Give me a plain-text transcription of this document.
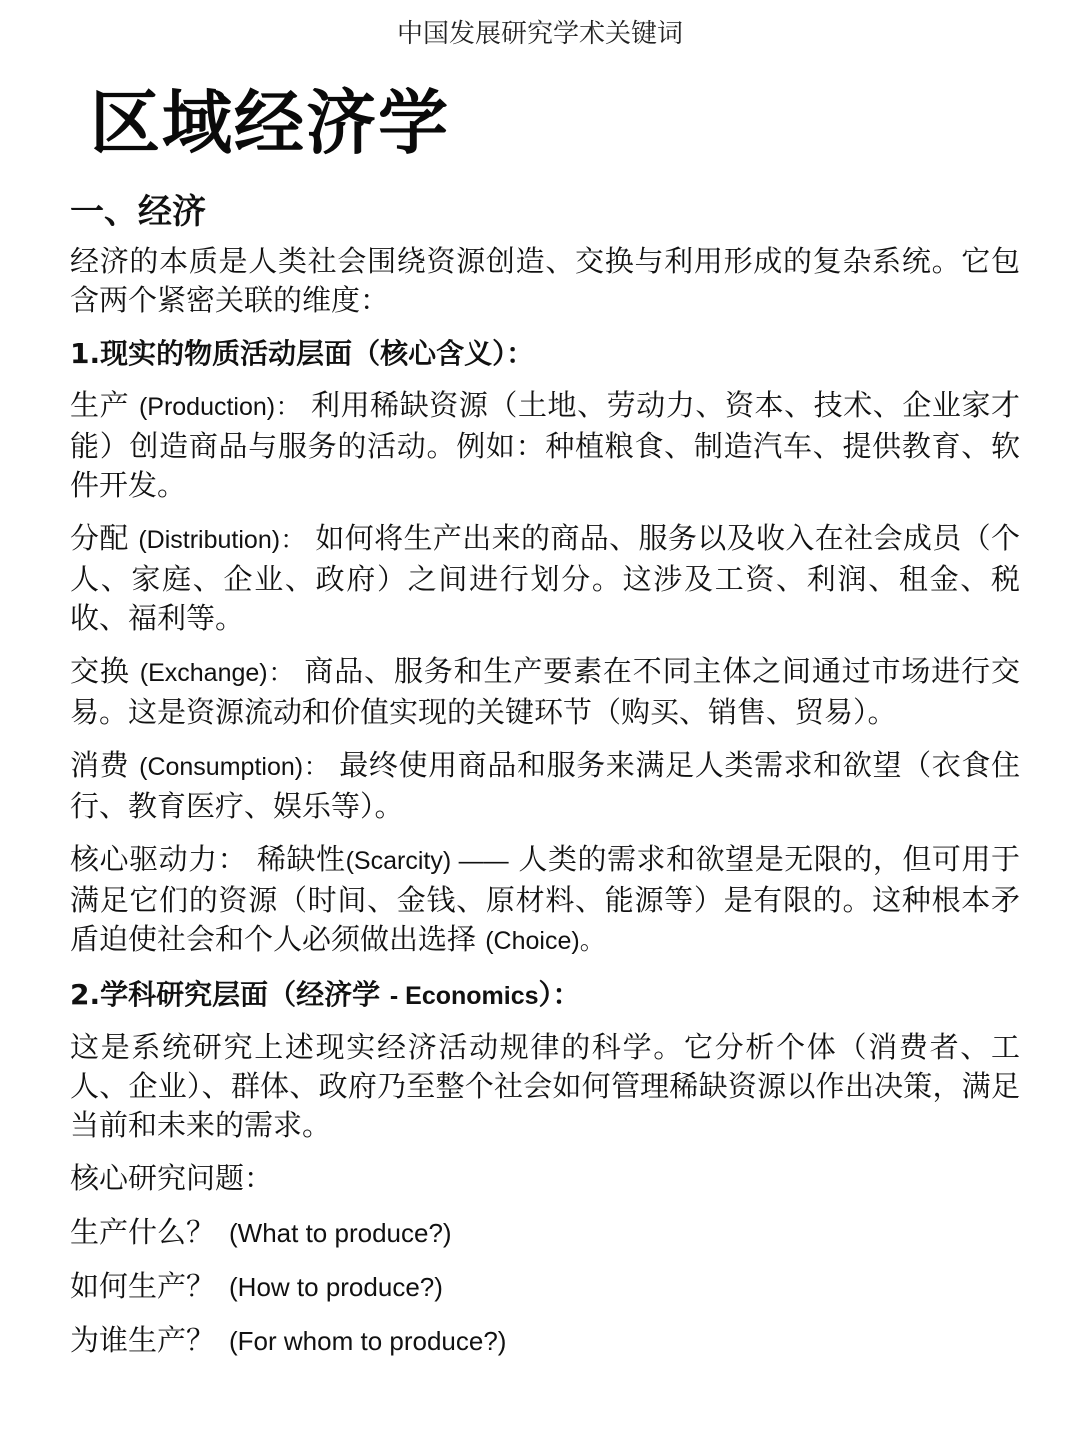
中国发展研究学术关键词
区域经济学
一、经济
经济的本质是人类社会围绕资源创造、交换与利用形成的复杂系统。它包含两个紧密关联的维度：
1.现实的物质活动层面（核心含义）：
生产 (Production)： 利用稀缺资源（土地、劳动力、资本、技术、企业家才能）创造商品与服务的活动。例如：种植粮食、制造汽车、提供教育、软件开发。
分配 (Distribution)： 如何将生产出来的商品、服务以及收入在社会成员（个人、家庭、企业、政府）之间进行划分。这涉及工资、利润、租金、税收、福利等。
交换 (Exchange)： 商品、服务和生产要素在不同主体之间通过市场进行交易。这是资源流动和价值实现的关键环节（购买、销售、贸易）。
消费 (Consumption)： 最终使用商品和服务来满足人类需求和欲望（衣食住行、教育医疗、娱乐等）。
核心驱动力： 稀缺性(Scarcity) —— 人类的需求和欲望是无限的，但可用于满足它们的资源（时间、金钱、原材料、能源等）是有限的。这种根本矛盾迫使社会和个人必须做出选择 (Choice)。
2.学科研究层面（经济学 - Economics）：
这是系统研究上述现实经济活动规律的科学。它分析个体（消费者、工人、企业）、群体、政府乃至整个社会如何管理稀缺资源以作出决策，满足当前和未来的需求。
核心研究问题：
生产什么？ (What to produce?)
如何生产？ (How to produce?)
为谁生产？ (For whom to produce?)
